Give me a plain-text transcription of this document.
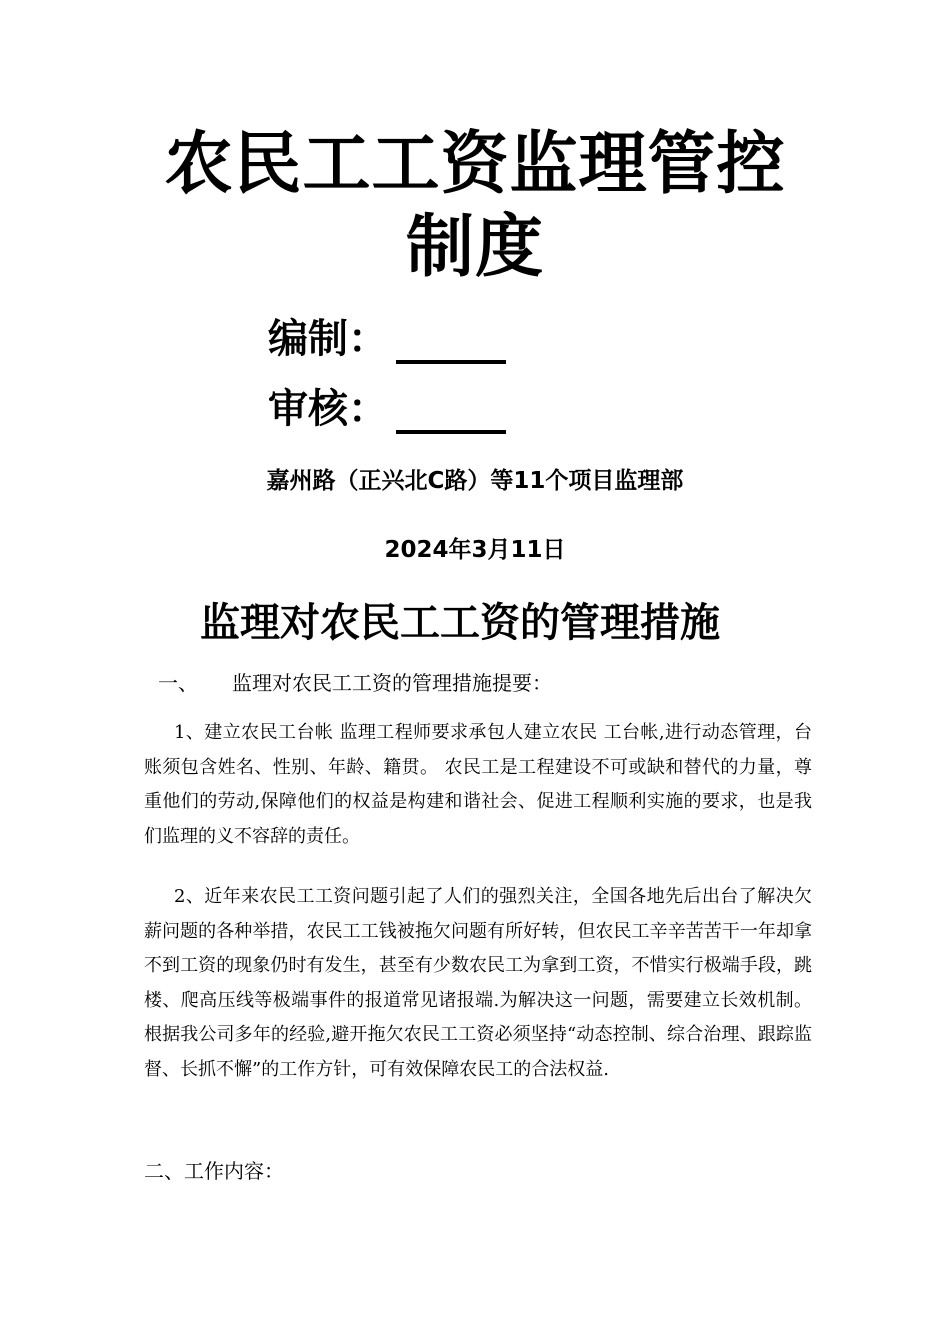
农民工工资监理管控
制度
编制：
审核：
嘉州路（正兴北C路）等11个项目监理部
2024年3月11日
监理对农民工工资的管理措施
一、 监理对农民工工资的管理措施提要：
1、建立农民工台帐 监理工程师要求承包人建立农民 工台帐,进行动态管理，台账须包含姓名、性别、年龄、籍贯。 农民工是工程建设不可或缺和替代的力量，尊重他们的劳动,保障他们的权益是构建和谐社会、促进工程顺利实施的要求，也是我们监理的义不容辞的责任。
2、近年来农民工工资问题引起了人们的强烈关注，全国各地先后出台了解决欠薪问题的各种举措，农民工工钱被拖欠问题有所好转，但农民工辛辛苦苦干一年却拿不到工资的现象仍时有发生，甚至有少数农民工为拿到工资，不惜实行极端手段，跳楼、爬高压线等极端事件的报道常见诸报端.为解决这一问题，需要建立长效机制。根据我公司多年的经验,避开拖欠农民工工资必须坚持“动态控制、综合治理、跟踪监督、长抓不懈”的工作方针，可有效保障农民工的合法权益.
二、工作内容：
